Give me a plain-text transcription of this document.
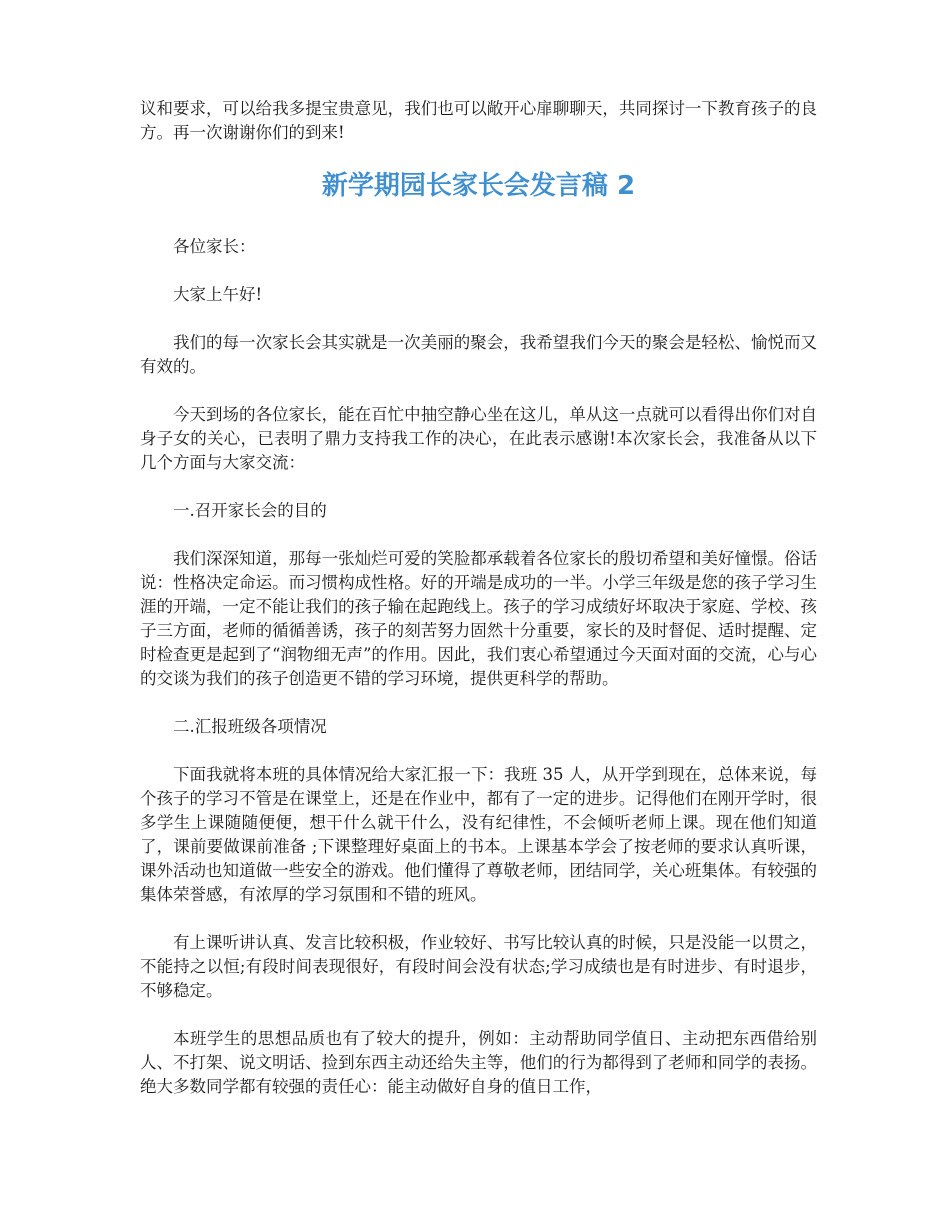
议和要求，可以给我多提宝贵意见，我们也可以敞开心扉聊聊天，共同探讨一下教育孩子的良方。再一次谢谢你们的到来!

新学期园长家长会发言稿 2

各位家长：

大家上午好!

我们的每一次家长会其实就是一次美丽的聚会，我希望我们今天的聚会是轻松、愉悦而又有效的。

今天到场的各位家长，能在百忙中抽空静心坐在这儿，单从这一点就可以看得出你们对自身子女的关心，已表明了鼎力支持我工作的决心，在此表示感谢!本次家长会，我准备从以下几个方面与大家交流：

一.召开家长会的目的

我们深深知道，那每一张灿烂可爱的笑脸都承载着各位家长的殷切希望和美好憧憬。俗话说：性格决定命运。而习惯构成性格。好的开端是成功的一半。小学三年级是您的孩子学习生涯的开端，一定不能让我们的孩子输在起跑线上。孩子的学习成绩好坏取决于家庭、学校、孩子三方面，老师的循循善诱，孩子的刻苦努力固然十分重要，家长的及时督促、适时提醒、定时检查更是起到了“润物细无声”的作用。因此，我们衷心希望通过今天面对面的交流，心与心的交谈为我们的孩子创造更不错的学习环境，提供更科学的帮助。

二.汇报班级各项情况

下面我就将本班的具体情况给大家汇报一下：我班 35 人，从开学到现在，总体来说，每个孩子的学习不管是在课堂上，还是在作业中，都有了一定的进步。记得他们在刚开学时，很多学生上课随随便便，想干什么就干什么，没有纪律性，不会倾听老师上课。现在他们知道了，课前要做课前准备 ;下课整理好桌面上的书本。上课基本学会了按老师的要求认真听课，课外活动也知道做一些安全的游戏。他们懂得了尊敬老师，团结同学，关心班集体。有较强的集体荣誉感，有浓厚的学习氛围和不错的班风。

有上课听讲认真、发言比较积极，作业较好、书写比较认真的时候，只是没能一以贯之，不能持之以恒;有段时间表现很好，有段时间会没有状态;学习成绩也是有时进步、有时退步，不够稳定。

本班学生的思想品质也有了较大的提升，例如：主动帮助同学值日、主动把东西借给别人、不打架、说文明话、捡到东西主动还给失主等，他们的行为都得到了老师和同学的表扬。绝大多数同学都有较强的责任心：能主动做好自身的值日工作，
